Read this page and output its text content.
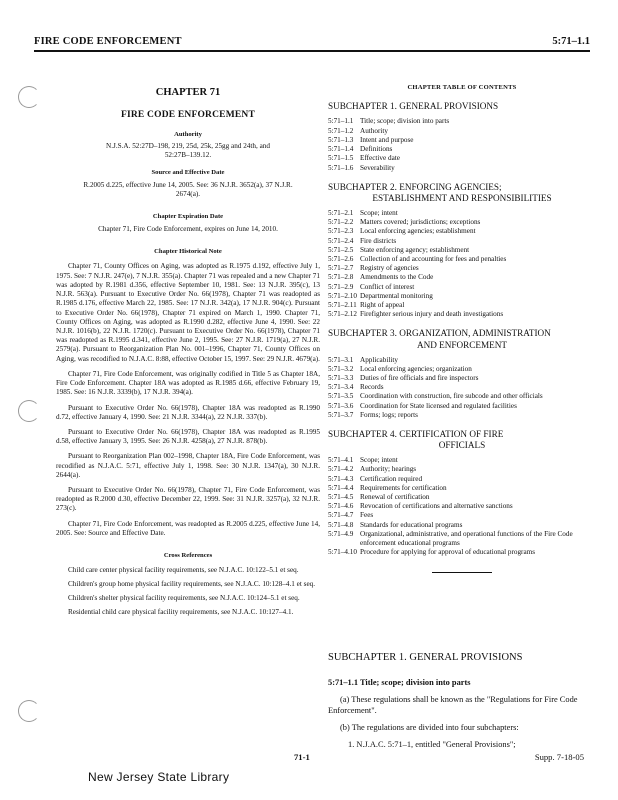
FIRE CODE ENFORCEMENT	5:71–1.1
CHAPTER 71
FIRE CODE ENFORCEMENT
Authority
N.J.S.A. 52:27D–198, 219, 25d, 25k, 25gg and 24th, and 52:27B–139.12.
Source and Effective Date
R.2005 d.225, effective June 14, 2005. See: 36 N.J.R. 3652(a), 37 N.J.R. 2674(a).
Chapter Expiration Date
Chapter 71, Fire Code Enforcement, expires on June 14, 2010.
Chapter Historical Note
Chapter 71, County Offices on Aging, was adopted as R.1975 d.192, effective July 1, 1975. See: 7 N.J.R. 247(e), 7 N.J.R. 355(a). Chapter 71 was repealed and a new Chapter 71 was adopted by R.1981 d.356, effective September 10, 1981. See: 13 N.J.R. 395(c), 13 N.J.R. 563(a). Pursuant to Executive Order No. 66(1978), Chapter 71 was readopted as R.1985 d.176, effective March 22, 1985. See: 17 N.J.R. 342(a), 17 N.J.R. 904(c). Pursuant to Executive Order No. 66(1978), Chapter 71 expired on March 1, 1990. Chapter 71, County Offices on Aging, was adopted as R.1990 d.282, effective June 4, 1990. See: 22 N.J.R. 1016(b), 22 N.J.R. 1720(c). Pursuant to Executive Order No. 66(1978), Chapter 71 was readopted as R.1995 d.341, effective June 2, 1995. See: 27 N.J.R. 1719(a), 27 N.J.R. 2579(a). Pursuant to Reorganization Plan No. 001–1996, Chapter 71, County Offices on Aging, was recodified to N.J.A.C. 8:88, effective October 15, 1997. See: 29 N.J.R. 4679(a).
Chapter 71, Fire Code Enforcement, was originally codified in Title 5 as Chapter 18A, Fire Code Enforcement. Chapter 18A was adopted as R.1985 d.66, effective February 19, 1985. See: 16 N.J.R. 3339(b), 17 N.J.R. 394(a).
Pursuant to Executive Order No. 66(1978), Chapter 18A was readopted as R.1990 d.72, effective January 4, 1990. See: 21 N.J.R. 3344(a), 22 N.J.R. 337(b).
Pursuant to Executive Order No. 66(1978), Chapter 18A was readopted as R.1995 d.58, effective January 3, 1995. See: 26 N.J.R. 4258(a), 27 N.J.R. 878(b).
Pursuant to Reorganization Plan 002–1998, Chapter 18A, Fire Code Enforcement, was recodified as N.J.A.C. 5:71, effective July 1, 1998. See: 30 N.J.R. 1347(a), 30 N.J.R. 2644(a).
Pursuant to Executive Order No. 66(1978), Chapter 71, Fire Code Enforcement, was readopted as R.2000 d.30, effective December 22, 1999. See: 31 N.J.R. 3257(a), 32 N.J.R. 273(c).
Chapter 71, Fire Code Enforcement, was readopted as R.2005 d.225, effective June 14, 2005. See: Source and Effective Date.
Cross References
Child care center physical facility requirements, see N.J.A.C. 10:122–5.1 et seq.
Children's group home physical facility requirements, see N.J.A.C. 10:128–4.1 et seq.
Children's shelter physical facility requirements, see N.J.A.C. 10:124–5.1 et seq.
Residential child care physical facility requirements, see N.J.A.C. 10:127–4.1.
CHAPTER TABLE OF CONTENTS
SUBCHAPTER 1. GENERAL PROVISIONS
5:71–1.1 Title; scope; division into parts
5:71–1.2 Authority
5:71–1.3 Intent and purpose
5:71–1.4 Definitions
5:71–1.5 Effective date
5:71–1.6 Severability
SUBCHAPTER 2. ENFORCING AGENCIES;
ESTABLISHMENT AND RESPONSIBILITIES
5:71–2.1 Scope; intent
5:71–2.2 Matters covered; jurisdictions; exceptions
5:71–2.3 Local enforcing agencies; establishment
5:71–2.4 Fire districts
5:71–2.5 State enforcing agency; establishment
5:71–2.6 Collection of and accounting for fees and penalties
5:71–2.7 Registry of agencies
5:71–2.8 Amendments to the Code
5:71–2.9 Conflict of interest
5:71–2.10 Departmental monitoring
5:71–2.11 Right of appeal
5:71–2.12 Firefighter serious injury and death investigations
SUBCHAPTER 3. ORGANIZATION, ADMINISTRATION
AND ENFORCEMENT
5:71–3.1 Applicability
5:71–3.2 Local enforcing agencies; organization
5:71–3.3 Duties of fire officials and fire inspectors
5:71–3.4 Records
5:71–3.5 Coordination with construction, fire subcode and other officials
5:71–3.6 Coordination for State licensed and regulated facilities
5:71–3.7 Forms; logs; reports
SUBCHAPTER 4. CERTIFICATION OF FIRE
OFFICIALS
5:71–4.1 Scope; intent
5:71–4.2 Authority; hearings
5:71–4.3 Certification required
5:71–4.4 Requirements for certification
5:71–4.5 Renewal of certification
5:71–4.6 Revocation of certifications and alternative sanctions
5:71–4.7 Fees
5:71–4.8 Standards for educational programs
5:71–4.9 Organizational, administrative, and operational functions of the Fire Code enforcement educational programs
5:71–4.10 Procedure for applying for approval of educational programs
SUBCHAPTER 1. GENERAL PROVISIONS
5:71–1.1 Title; scope; division into parts
(a) These regulations shall be known as the "Regulations for Fire Code Enforcement".
(b) The regulations are divided into four subchapters:
1. N.J.A.C. 5:71–1, entitled "General Provisions";
71-1	Supp. 7-18-05
New Jersey State Library
